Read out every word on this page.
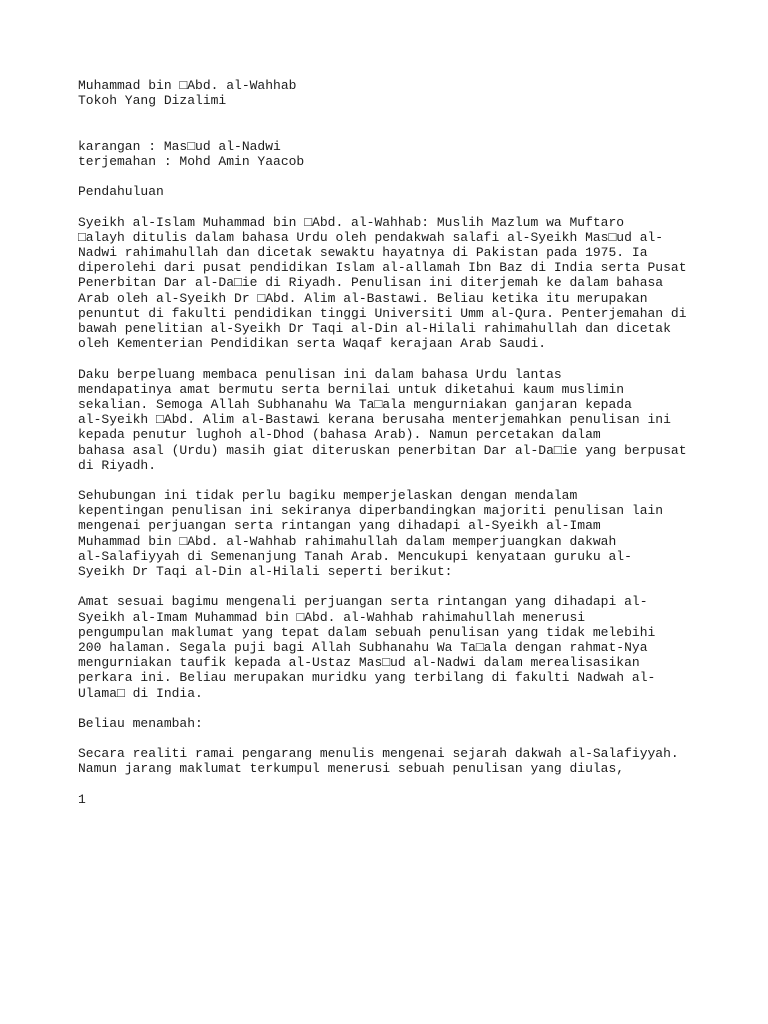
Muhammad bin □Abd. al-Wahhab
Tokoh Yang Dizalimi
karangan : Mas□ud al-Nadwi
terjemahan : Mohd Amin Yaacob
Pendahuluan
Syeikh al-Islam Muhammad bin □Abd. al-Wahhab: Muslih Mazlum wa Muftaro
□alayh ditulis dalam bahasa Urdu oleh pendakwah salafi al-Syeikh Mas□ud al-
Nadwi rahimahullah dan dicetak sewaktu hayatnya di Pakistan pada 1975. Ia
diperolehi dari pusat pendidikan Islam al-allamah Ibn Baz di India serta Pusat
Penerbitan Dar al-Da□ie di Riyadh. Penulisan ini diterjemah ke dalam bahasa
Arab oleh al-Syeikh Dr □Abd. Alim al-Bastawi. Beliau ketika itu merupakan
penuntut di fakulti pendidikan tinggi Universiti Umm al-Qura. Penterjemahan di
bawah penelitian al-Syeikh Dr Taqi al-Din al-Hilali rahimahullah dan dicetak
oleh Kementerian Pendidikan serta Waqaf kerajaan Arab Saudi.
Daku berpeluang membaca penulisan ini dalam bahasa Urdu lantas
mendapatinya amat bermutu serta bernilai untuk diketahui kaum muslimin
sekalian. Semoga Allah Subhanahu Wa Ta□ala mengurniakan ganjaran kepada
al-Syeikh □Abd. Alim al-Bastawi kerana berusaha menterjemahkan penulisan ini
kepada penutur lughoh al-Dhod (bahasa Arab). Namun percetakan dalam
bahasa asal (Urdu) masih giat diteruskan penerbitan Dar al-Da□ie yang berpusat
di Riyadh.
Sehubungan ini tidak perlu bagiku memperjelaskan dengan mendalam
kepentingan penulisan ini sekiranya diperbandingkan majoriti penulisan lain
mengenai perjuangan serta rintangan yang dihadapi al-Syeikh al-Imam
Muhammad bin □Abd. al-Wahhab rahimahullah dalam memperjuangkan dakwah
al-Salafiyyah di Semenanjung Tanah Arab. Mencukupi kenyataan guruku al-
Syeikh Dr Taqi al-Din al-Hilali seperti berikut:
Amat sesuai bagimu mengenali perjuangan serta rintangan yang dihadapi al-
Syeikh al-Imam Muhammad bin □Abd. al-Wahhab rahimahullah menerusi
pengumpulan maklumat yang tepat dalam sebuah penulisan yang tidak melebihi
200 halaman. Segala puji bagi Allah Subhanahu Wa Ta□ala dengan rahmat-Nya
mengurniakan taufik kepada al-Ustaz Mas□ud al-Nadwi dalam merealisasikan
perkara ini. Beliau merupakan muridku yang terbilang di fakulti Nadwah al-
Ulama□ di India.
Beliau menambah:
Secara realiti ramai pengarang menulis mengenai sejarah dakwah al-Salafiyyah.
Namun jarang maklumat terkumpul menerusi sebuah penulisan yang diulas,
1
